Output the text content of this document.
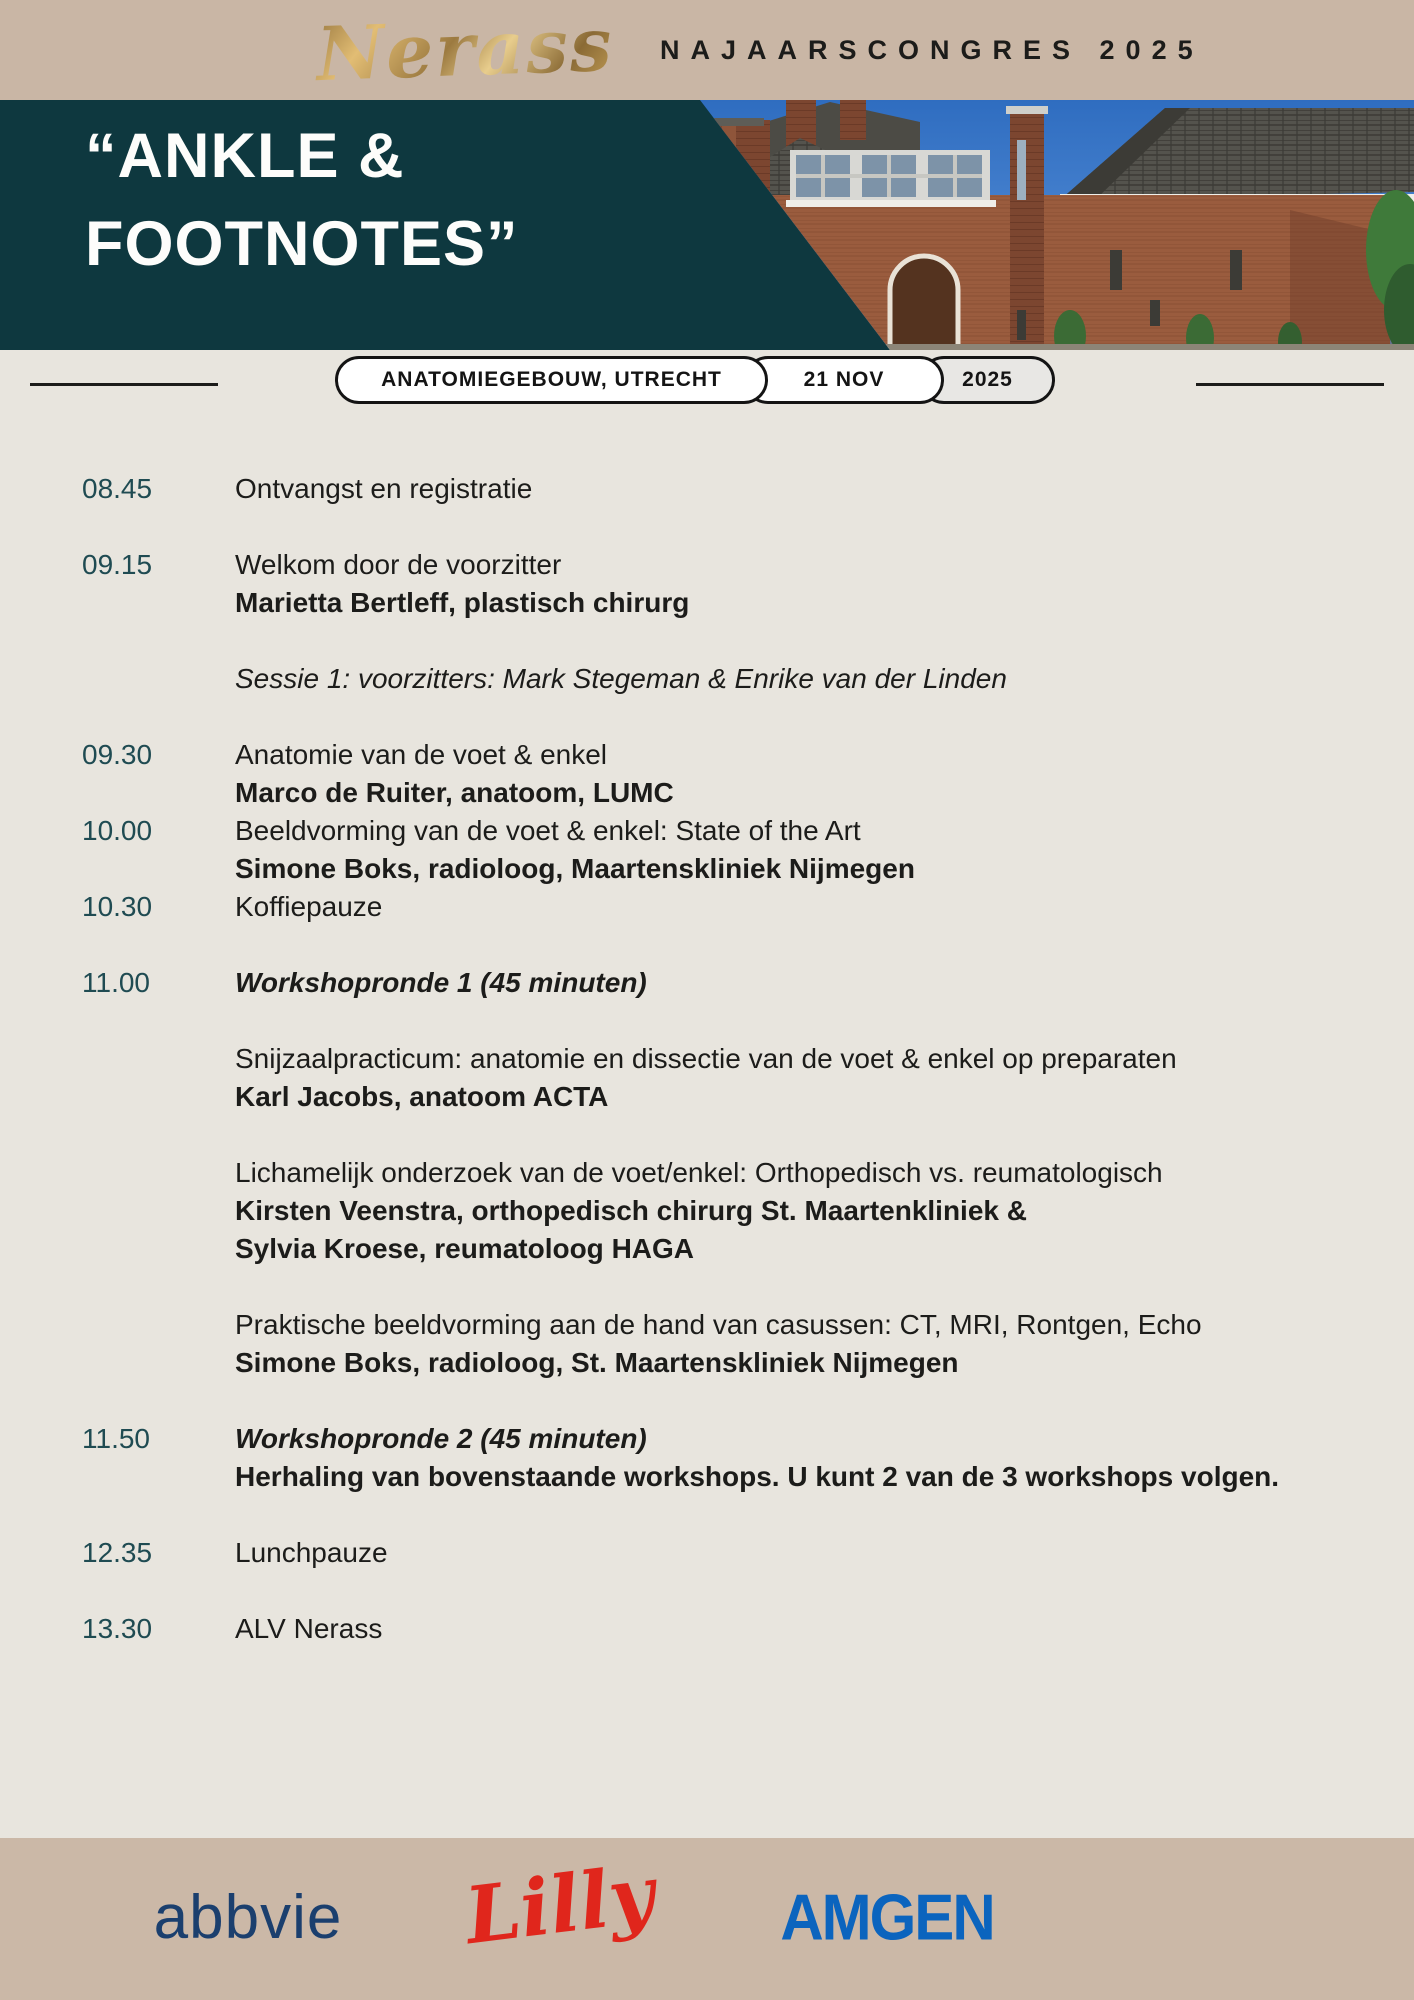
Nerass NAJAARSCONGRES 2025
“ANKLE &
FOOTNOTES”
ANATOMIEGEBOUW, UTRECHT	21 NOV	2025
08.45	Ontvangst en registratie
09.15	Welkom door de voorzitter
Marietta Bertleff, plastisch chirurg
Sessie 1: voorzitters: Mark Stegeman & Enrike van der Linden
09.30	Anatomie van de voet & enkel
Marco de Ruiter, anatoom, LUMC
10.00	Beeldvorming van de voet & enkel: State of the Art
Simone Boks, radioloog, Maartenskliniek Nijmegen
10.30	Koffiepauze
11.00	Workshopronde 1 (45 minuten)
Snijzaalpracticum: anatomie en dissectie van de voet & enkel op preparaten
Karl Jacobs, anatoom ACTA
Lichamelijk onderzoek van de voet/enkel: Orthopedisch vs. reumatologisch
Kirsten Veenstra, orthopedisch chirurg St. Maartenkliniek &
Sylvia Kroese, reumatoloog HAGA
Praktische beeldvorming aan de hand van casussen: CT, MRI, Rontgen, Echo
Simone Boks, radioloog, St. Maartenskliniek Nijmegen
11.50	Workshopronde 2 (45 minuten)
Herhaling van bovenstaande workshops. U kunt 2 van de 3 workshops volgen.
12.35	Lunchpauze
13.30	ALV Nerass
abbvie	Lilly	AMGEN
